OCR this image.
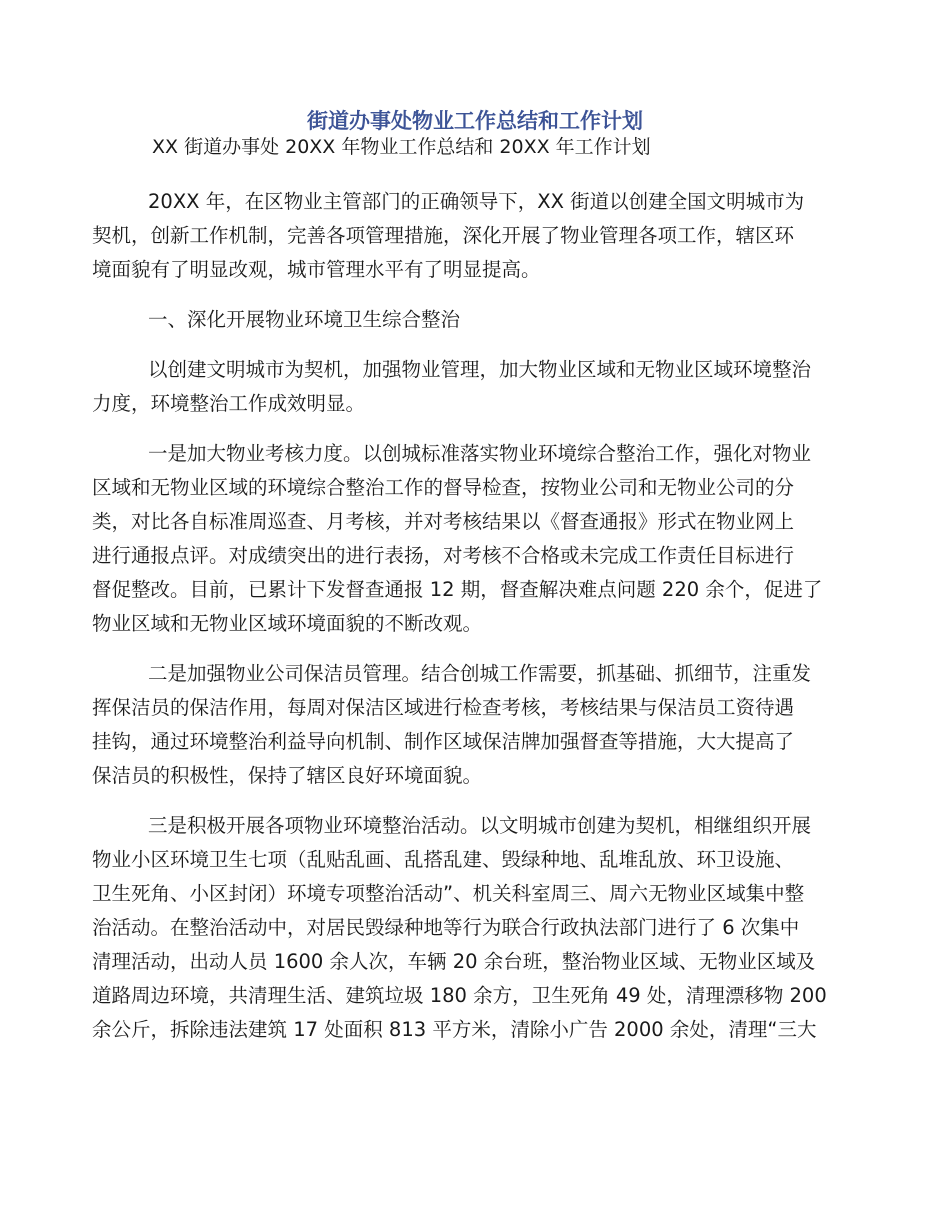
街道办事处物业工作总结和工作计划
XX 街道办事处 20XX 年物业工作总结和 20XX 年工作计划
20XX 年，在区物业主管部门的正确领导下，XX 街道以创建全国文明城市为
契机，创新工作机制，完善各项管理措施，深化开展了物业管理各项工作，辖区环
境面貌有了明显改观，城市管理水平有了明显提高。
一、深化开展物业环境卫生综合整治
以创建文明城市为契机，加强物业管理，加大物业区域和无物业区域环境整治
力度，环境整治工作成效明显。
一是加大物业考核力度。以创城标准落实物业环境综合整治工作，强化对物业
区域和无物业区域的环境综合整治工作的督导检查，按物业公司和无物业公司的分
类，对比各自标准周巡查、月考核，并对考核结果以《督查通报》形式在物业网上
进行通报点评。对成绩突出的进行表扬，对考核不合格或未完成工作责任目标进行
督促整改。目前，已累计下发督查通报 12 期，督查解决难点问题 220 余个，促进了
物业区域和无物业区域环境面貌的不断改观。
二是加强物业公司保洁员管理。结合创城工作需要，抓基础、抓细节，注重发
挥保洁员的保洁作用，每周对保洁区域进行检查考核，考核结果与保洁员工资待遇
挂钩，通过环境整治利益导向机制、制作区域保洁牌加强督查等措施，大大提高了
保洁员的积极性，保持了辖区良好环境面貌。
三是积极开展各项物业环境整治活动。以文明城市创建为契机，相继组织开展
物业小区环境卫生七项（乱贴乱画、乱搭乱建、毁绿种地、乱堆乱放、环卫设施、
卫生死角、小区封闭）环境专项整治活动”、机关科室周三、周六无物业区域集中整
治活动。在整治活动中，对居民毁绿种地等行为联合行政执法部门进行了 6 次集中
清理活动，出动人员 1600 余人次，车辆 20 余台班，整治物业区域、无物业区域及
道路周边环境，共清理生活、建筑垃圾 180 余方，卫生死角 49 处，清理漂移物 200
余公斤，拆除违法建筑 17 处面积 813 平方米，清除小广告 2000 余处，清理“三大
